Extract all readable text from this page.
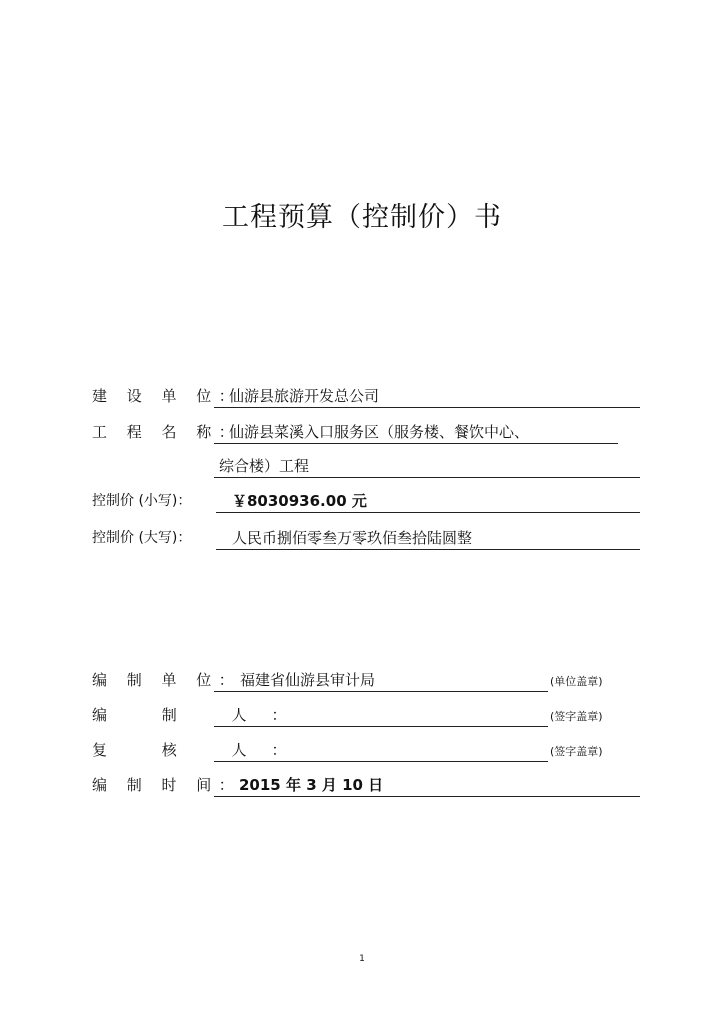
工程预算（控制价）书
建 设 单 位：
仙游县旅游开发总公司
工 程 名 称：
仙游县菜溪入口服务区（服务楼、餐饮中心、
综合楼）工程
控制价 (小写)：	￥8030936.00 元
控制价 (大写)：	人民币捌佰零叁万零玖佰叁拾陆圆整
编 制 单 位：
福建省仙游县审计局	(单位盖章)
编 制 人：	(签字盖章)
复 核 人：	(签字盖章)
编 制 时 间：
2015 年 3 月 10 日
1
